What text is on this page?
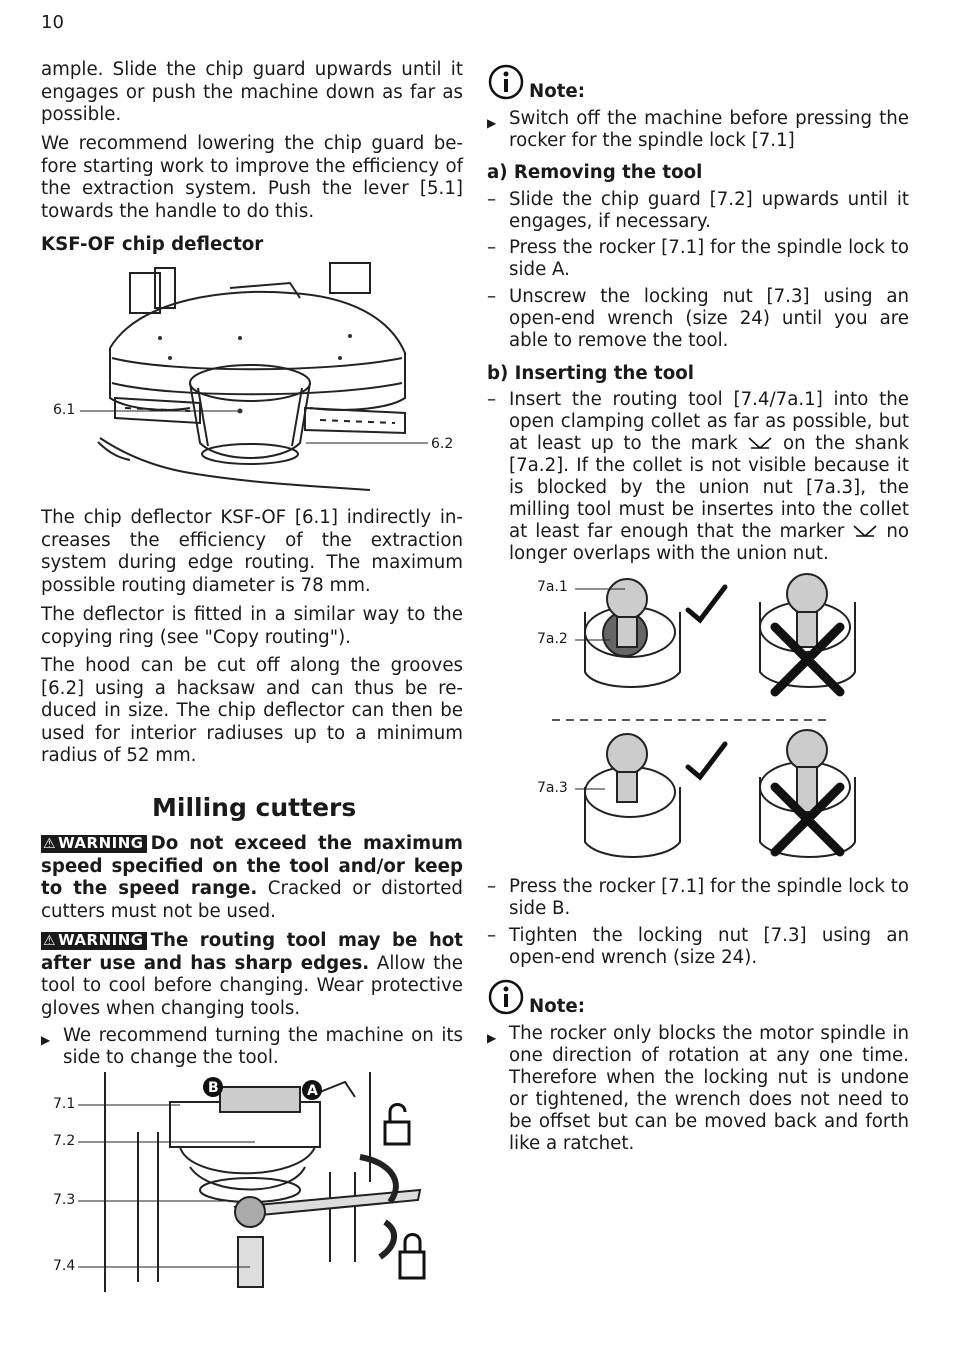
10

ample. Slide the chip guard upwards until it engages or push the machine down as far as possible.

We recommend lowering the chip guard be-fore starting work to improve the efficiency of the extraction system. Push the lever [5.1] towards the handle to do this.

KSF-OF chip deflector
6.1
6.2

The chip deflector KSF-OF [6.1] indirectly in-creases the efficiency of the extraction system during edge routing. The maximum possible routing diameter is 78 mm.

The deflector is fitted in a similar way to the copying ring (see "Copy routing").

The hood can be cut off along the grooves [6.2] using a hacksaw and can thus be re-duced in size. The chip deflector can then be used for interior radiuses up to a minimum radius of 52 mm.

Milling cutters

⚠ WARNING Do not exceed the maximum speed specified on the tool and/or keep to the speed range. Cracked or distorted cutters must not be used.

⚠ WARNING The routing tool may be hot after use and has sharp edges. Allow the tool to cool before changing. Wear protective gloves when changing tools.

▶ We recommend turning the machine on its side to change the tool.
B	A
7.1
7.2
7.3
7.4
Note:
▶ Switch off the machine before pressing the rocker for the spindle lock [7.1]
a) Removing the tool
– Slide the chip guard [7.2] upwards until it engages, if necessary.
– Press the rocker [7.1] for the spindle lock to side A.
– Unscrew the locking nut [7.3] using an open-end wrench (size 24) until you are able to remove the tool.
b) Inserting the tool
– Insert the routing tool [7.4/7a.1] into the open clamping collet as far as possible, but at least up to the mark on the shank [7a.2]. If the collet is not visible because it is blocked by the union nut [7a.3], the milling tool must be insertes into the collet at least far enough that the marker no longer overlaps with the union nut.
7a.1
7a.2
7a.3
– Press the rocker [7.1] for the spindle lock to side B.
– Tighten the locking nut [7.3] using an open-end wrench (size 24).
Note:
▶ The rocker only blocks the motor spindle in one direction of rotation at any one time. Therefore when the locking nut is undone or tightened, the wrench does not need to be offset but can be moved back and forth like a ratchet.
